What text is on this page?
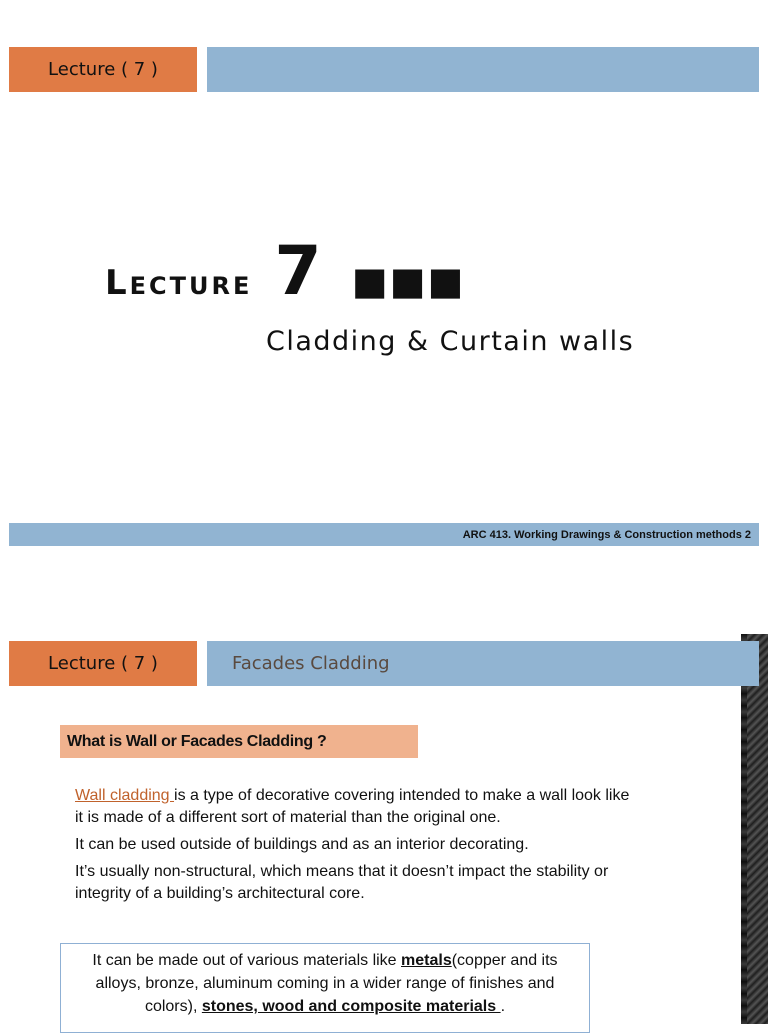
Lecture ( 7 )
Lecture 7 ■■■
Cladding & Curtain walls
ARC 413. Working Drawings & Construction methods 2
Lecture ( 7 )	Facades Cladding
What is Wall or Facades Cladding ?

Wall cladding is a type of decorative covering intended to make a wall look like it is made of a different sort of material than the original one.

It can be used outside of buildings and as an interior decorating.

It’s usually non-structural, which means that it doesn’t impact the stability or integrity of a building’s architectural core.

It can be made out of various materials like metals(copper and its alloys, bronze, aluminum coming in a wider range of finishes and colors), stones, wood and composite materials .
